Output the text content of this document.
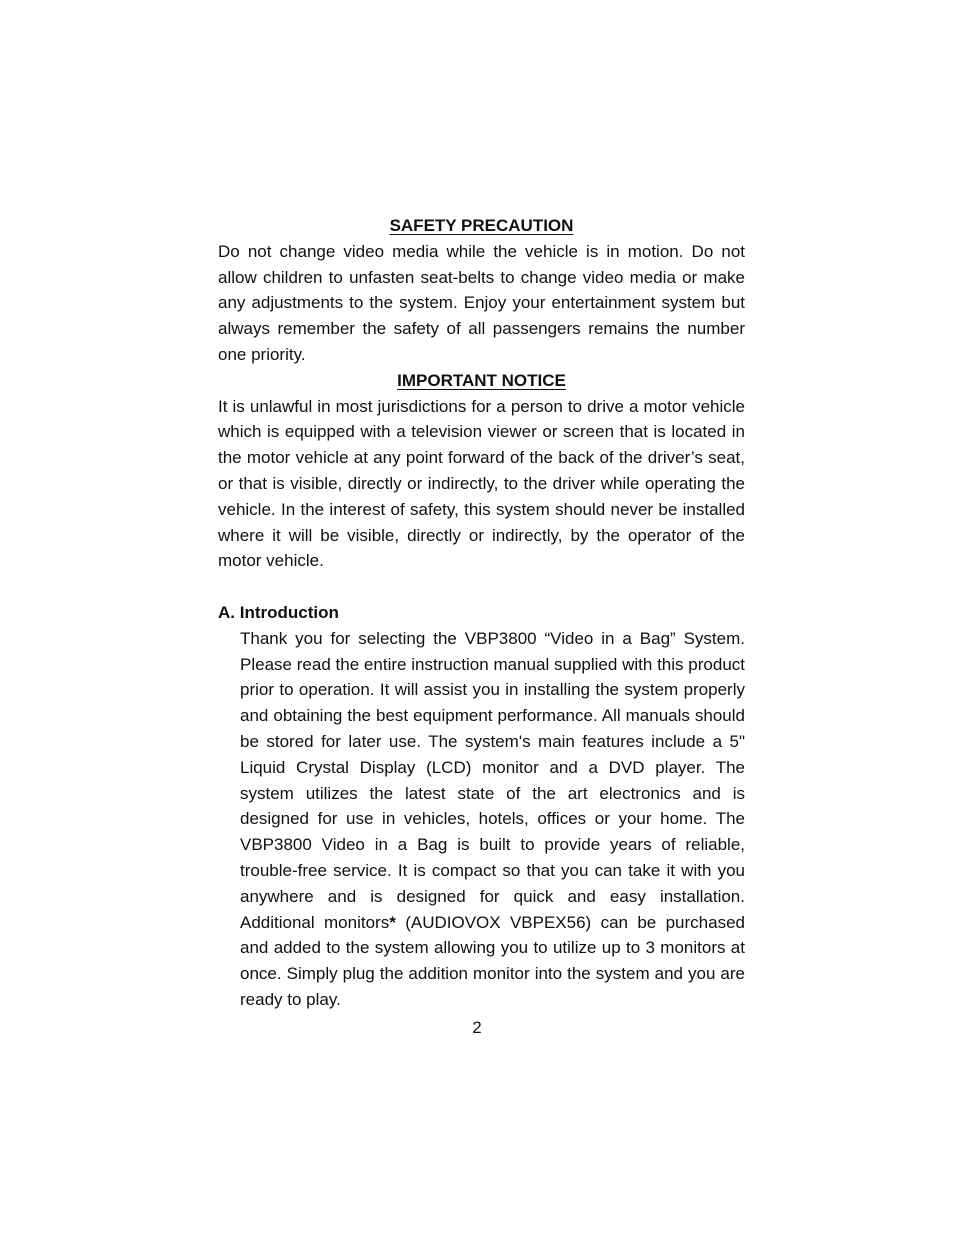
SAFETY PRECAUTION

Do not change video media while the vehicle is in motion. Do not allow children to unfasten seat-belts to change video media or make any adjustments to the system. Enjoy your entertainment system but always remember the safety of all passengers remains the number one priority.

IMPORTANT NOTICE

It is unlawful in most jurisdictions for a person to drive a motor vehicle which is equipped with a television viewer or screen that is located in the motor vehicle at any point forward of the back of the driver’s seat, or that is visible, directly or indirectly, to the driver while operating the vehicle. In the interest of safety, this system should never be installed where it will be visible, directly or indirectly, by the operator of the motor vehicle.

A. Introduction

Thank you for selecting the VBP3800 “Video in a Bag” System. Please read the entire instruction manual supplied with this product prior to operation. It will assist you in installing the system properly and obtaining the best equipment performance. All manuals should be stored for later use. The system's main features include a 5" Liquid Crystal Display (LCD) monitor and a DVD player. The system utilizes the latest state of the art electronics and is designed for use in vehicles, hotels, offices or your home. The VBP3800 Video in a Bag is built to provide years of reliable, trouble-free service. It is compact so that you can take it with you anywhere and is designed for quick and easy installation. Additional monitors* (AUDIOVOX VBPEX56) can be purchased and added to the system allowing you to utilize up to 3 monitors at once. Simply plug the addition monitor into the system and you are ready to play.

2
